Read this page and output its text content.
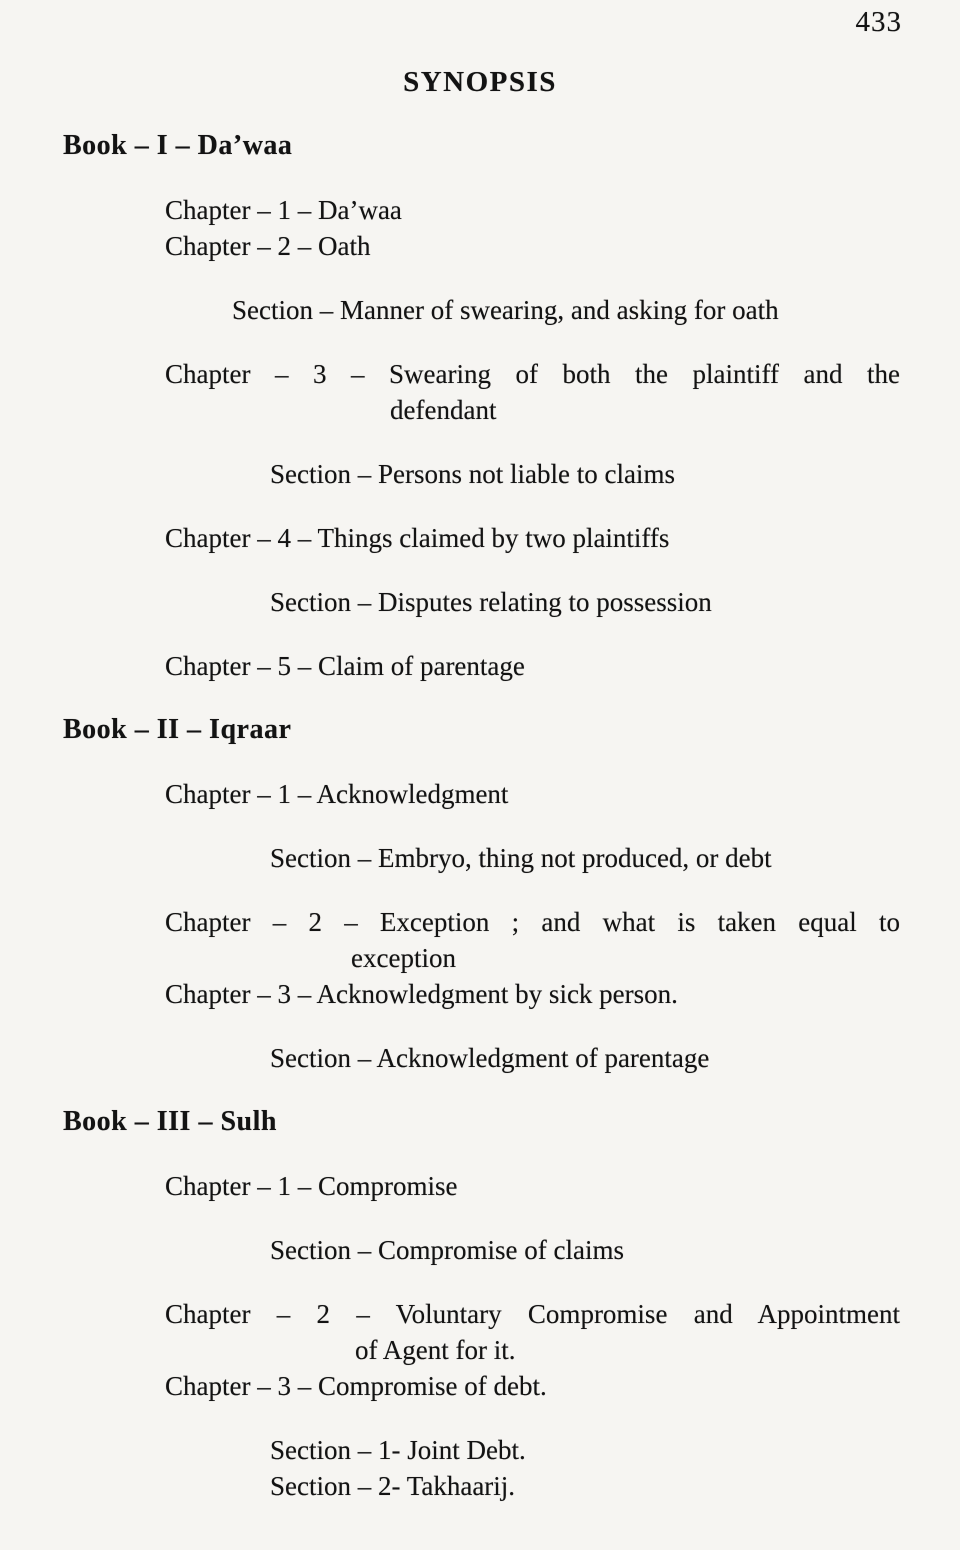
433
SYNOPSIS

Book – I – Da’waa

Chapter – 1 – Da’waa

Chapter – 2 – Oath

Section – Manner of swearing, and asking for oath

Chapter – 3 – Swearing of both the plaintiff and the

defendant

Section – Persons not liable to claims

Chapter – 4 – Things claimed by two plaintiffs

Section – Disputes relating to possession

Chapter – 5 – Claim of parentage

Book – II – Iqraar

Chapter – 1 – Acknowledgment

Section – Embryo, thing not produced, or debt

Chapter – 2 – Exception ; and what is taken equal to

exception

Chapter – 3 – Acknowledgment by sick person.

Section – Acknowledgment of parentage

Book – III – Sulh

Chapter – 1 – Compromise

Section – Compromise of claims

Chapter – 2 – Voluntary Compromise and Appointment

of Agent for it.

Chapter – 3 – Compromise of debt.

Section – 1- Joint Debt.

Section – 2- Takhaarij.
